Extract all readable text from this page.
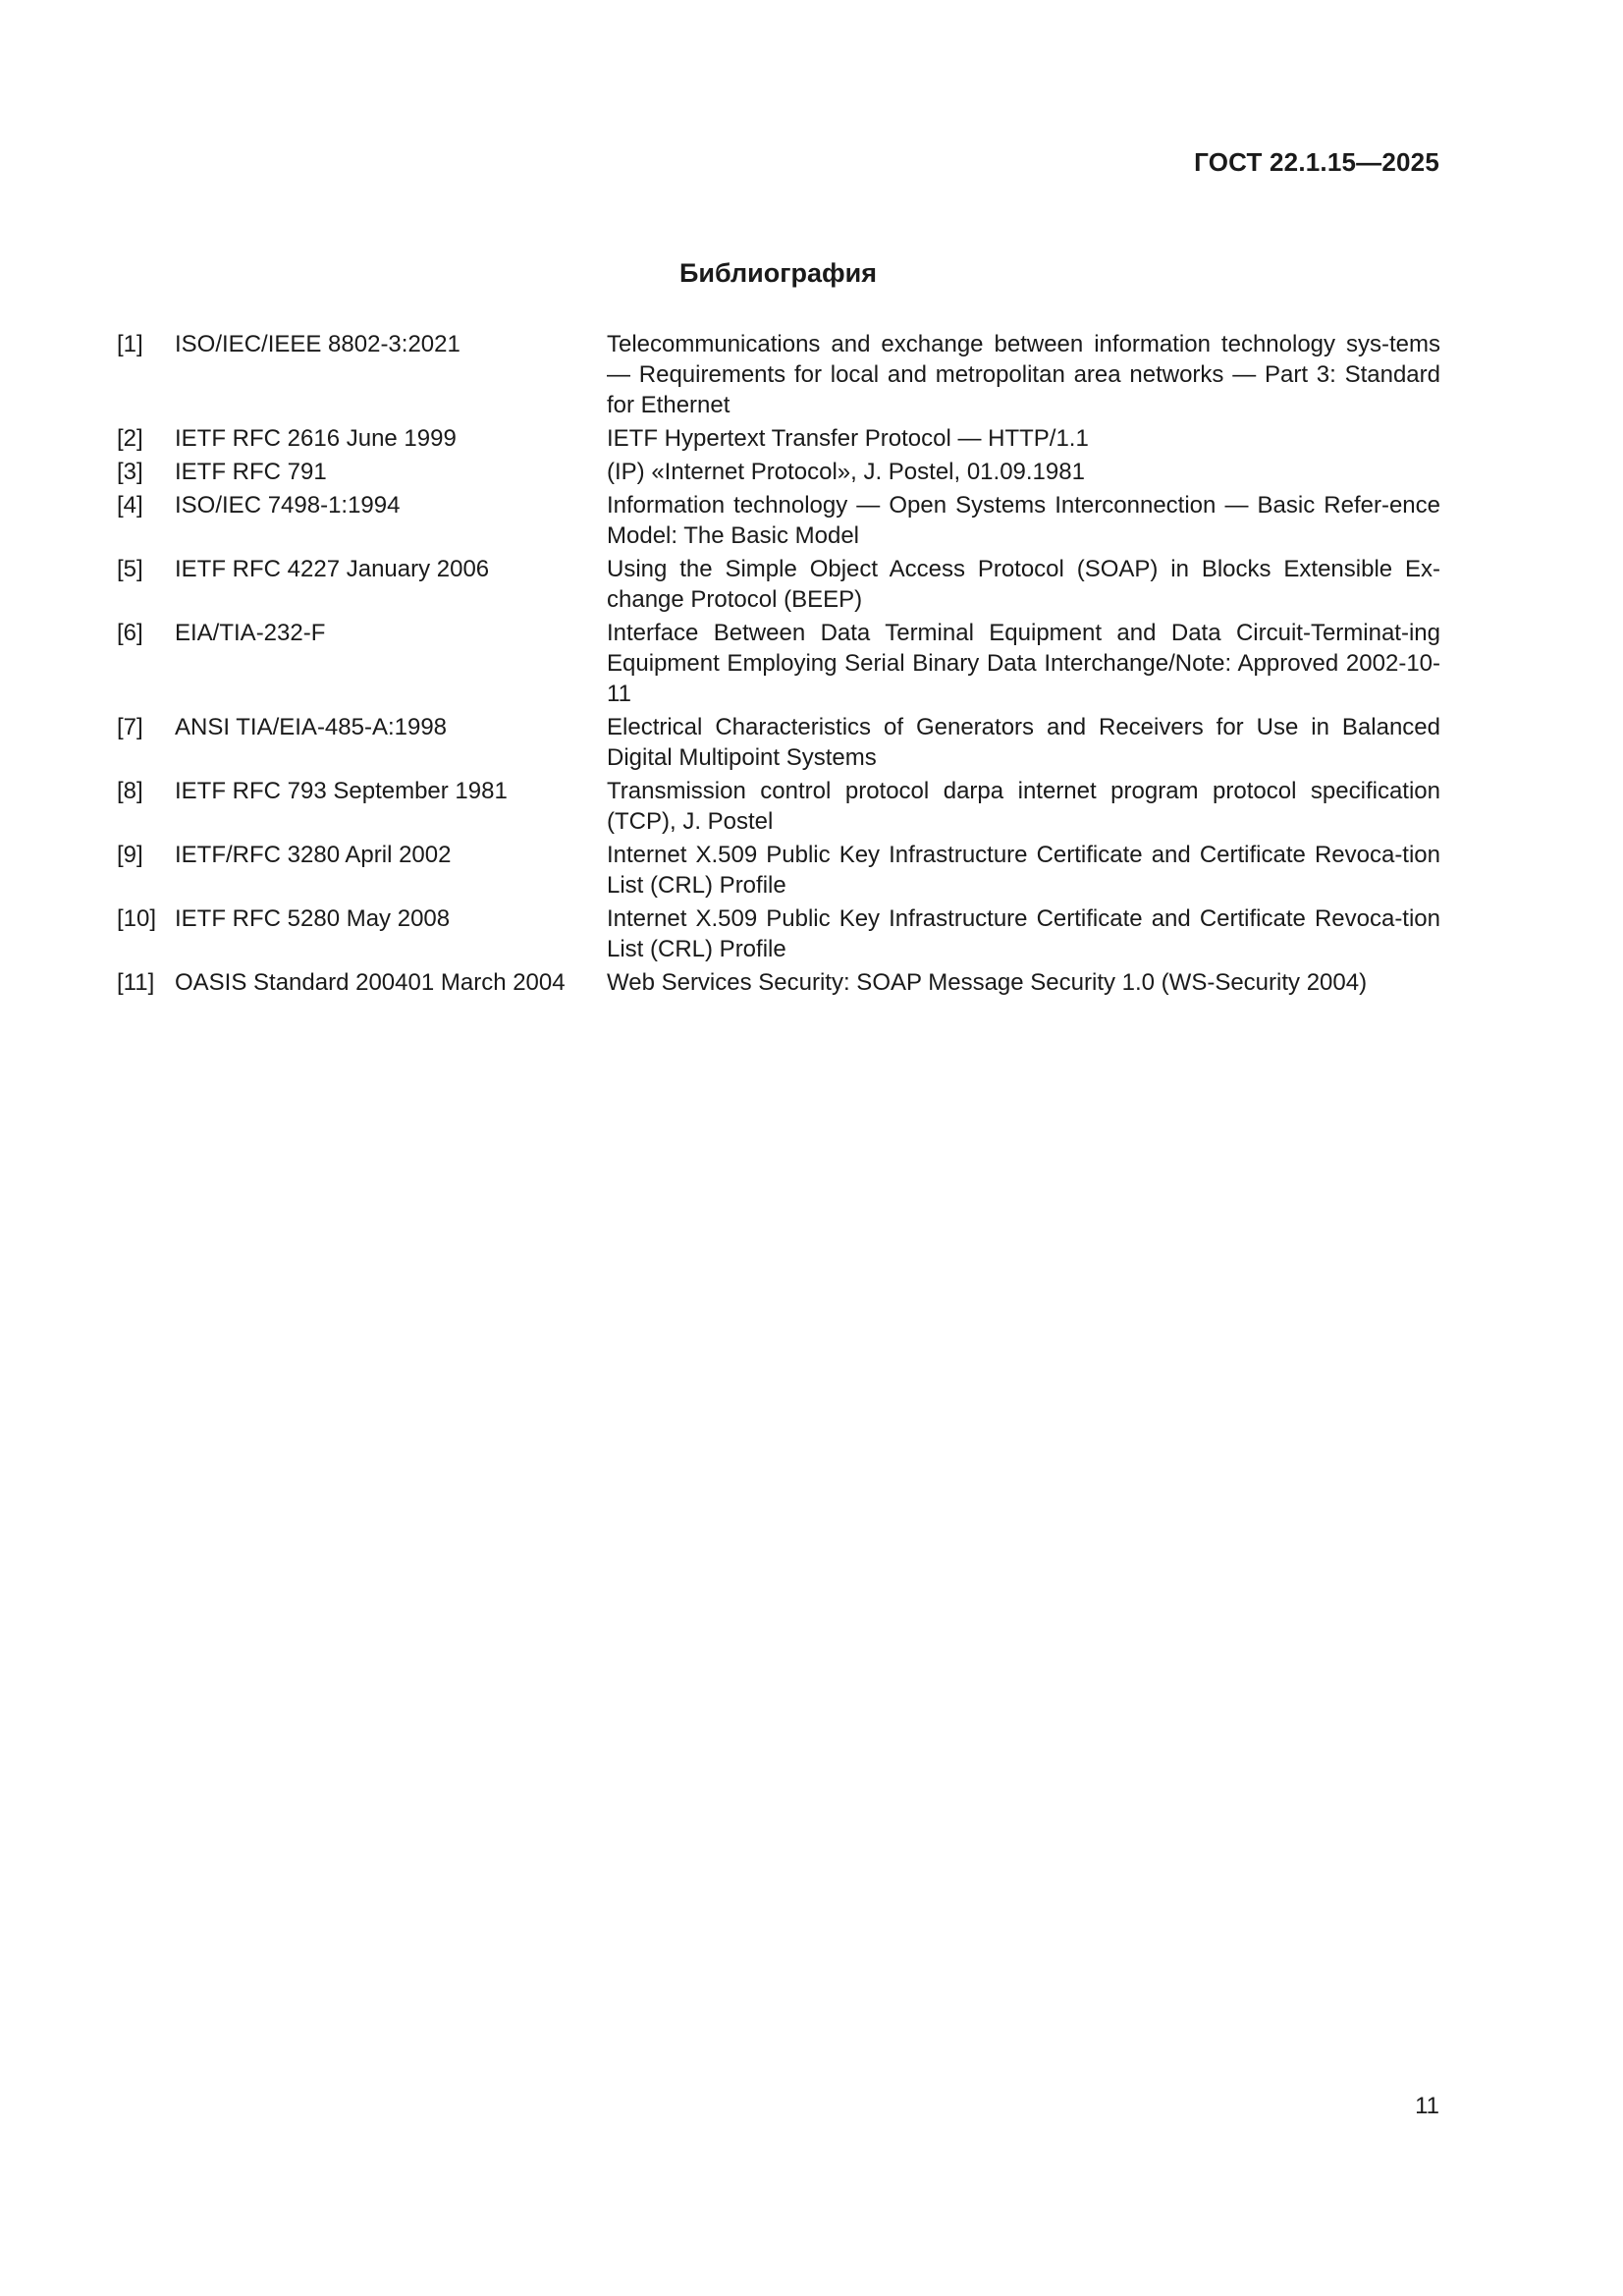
ГОСТ 22.1.15—2025
Библиография
[1]	ISO/IEC/IEEE 8802-3:2021	Telecommunications and exchange between information technology sys-tems — Requirements for local and metropolitan area networks — Part 3: Standard for Ethernet
[2]	IETF RFC 2616 June 1999	IETF Hypertext Transfer Protocol — HTTP/1.1
[3]	IETF RFC 791	(IP) «Internet Protocol», J. Postel, 01.09.1981
[4]	ISO/IEC 7498-1:1994	Information technology — Open Systems Interconnection — Basic Refer-ence Model: The Basic Model
[5]	IETF RFC 4227 January 2006	Using the Simple Object Access Protocol (SOAP) in Blocks Extensible Ex-change Protocol (BEEP)
[6]	EIA/TIA-232-F	Interface Between Data Terminal Equipment and Data Circuit-Terminat-ing Equipment Employing Serial Binary Data Interchange/Note: Approved 2002-10-11
[7]	ANSI TIA/EIA-485-A:1998	Electrical Characteristics of Generators and Receivers for Use in Balanced Digital Multipoint Systems
[8]	IETF RFC 793 September 1981	Transmission control protocol darpa internet program protocol specification (TCP), J. Postel
[9]	IETF/RFC 3280 April 2002	Internet X.509 Public Key Infrastructure Certificate and Certificate Revoca-tion List (CRL) Profile
[10]	IETF RFC 5280 May 2008	Internet X.509 Public Key Infrastructure Certificate and Certificate Revoca-tion List (CRL) Profile
[11]	OASIS Standard 200401 March 2004	Web Services Security: SOAP Message Security 1.0 (WS-Security 2004)
11
